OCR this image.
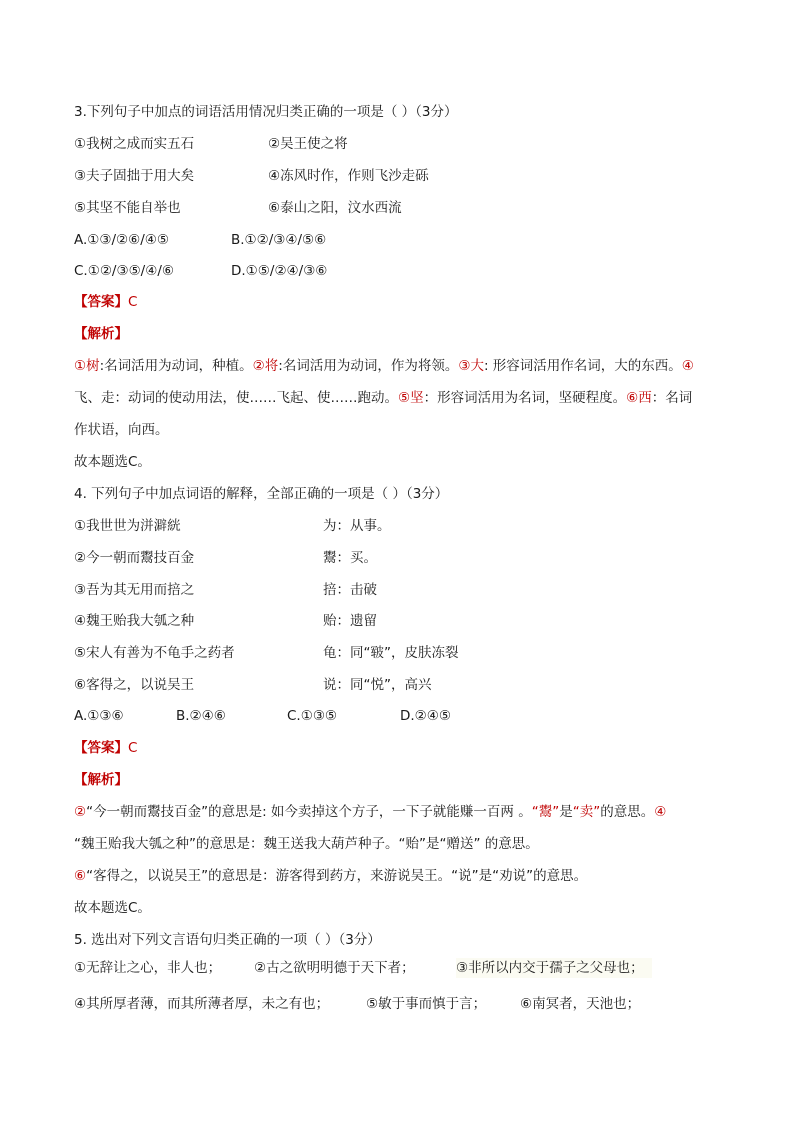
3.下列句子中加点的词语活用情况归类正确的一项是（ ）（3分）
①我树之成而实五石	②吴王使之将
③夫子固拙于用大矣	④冻风时作，作则飞沙走砾
⑤其坚不能自举也	⑥泰山之阳，汶水西流
A.①③/②⑥/④⑤	B.①②/③④/⑤⑥
C.①②/③⑤/④/⑥	D.①⑤/②④/③⑥
【答案】C
【解析】
①树:名词活用为动词，种植。②将:名词活用为动词，作为将领。③大: 形容词活用作名词，大的东西。④
飞、走：动词的使动用法，使……飞起、使……跑动。⑤坚：形容词活用为名词，坚硬程度。⑥西：名词
作状语，向西。
故本题选C。
4. 下列句子中加点词语的解释，全部正确的一项是（ ）（3分）
①我世世为洴澼絖	为：从事。
②今一朝而鬻技百金	鬻：买。
③吾为其无用而掊之	掊：击破
④魏王贻我大瓠之种	贻：遗留
⑤宋人有善为不龟手之药者	龟：同“皲”，皮肤冻裂
⑥客得之，以说吴王	说：同“悦”，高兴
A.①③⑥	B.②④⑥	C.①③⑤	D.②④⑤
【答案】C
【解析】
②“今一朝而鬻技百金”的意思是: 如今卖掉这个方子，一下子就能赚一百两 。“鬻”是“卖”的意思。④
“魏王贻我大瓠之种”的意思是：魏王送我大葫芦种子。“贻”是“赠送” 的意思。
⑥“客得之，以说吴王”的意思是：游客得到药方，来游说吴王。“说”是“劝说”的意思。
故本题选C。
5. 选出对下列文言语句归类正确的一项（ ）（3分）
①无辞让之心，非人也； ②古之欲明明德于天下者；	③非所以内交于孺子之父母也；
④其所厚者薄，而其所薄者厚，未之有也；	⑤敏于事而慎于言；	⑥南冥者，天池也；
